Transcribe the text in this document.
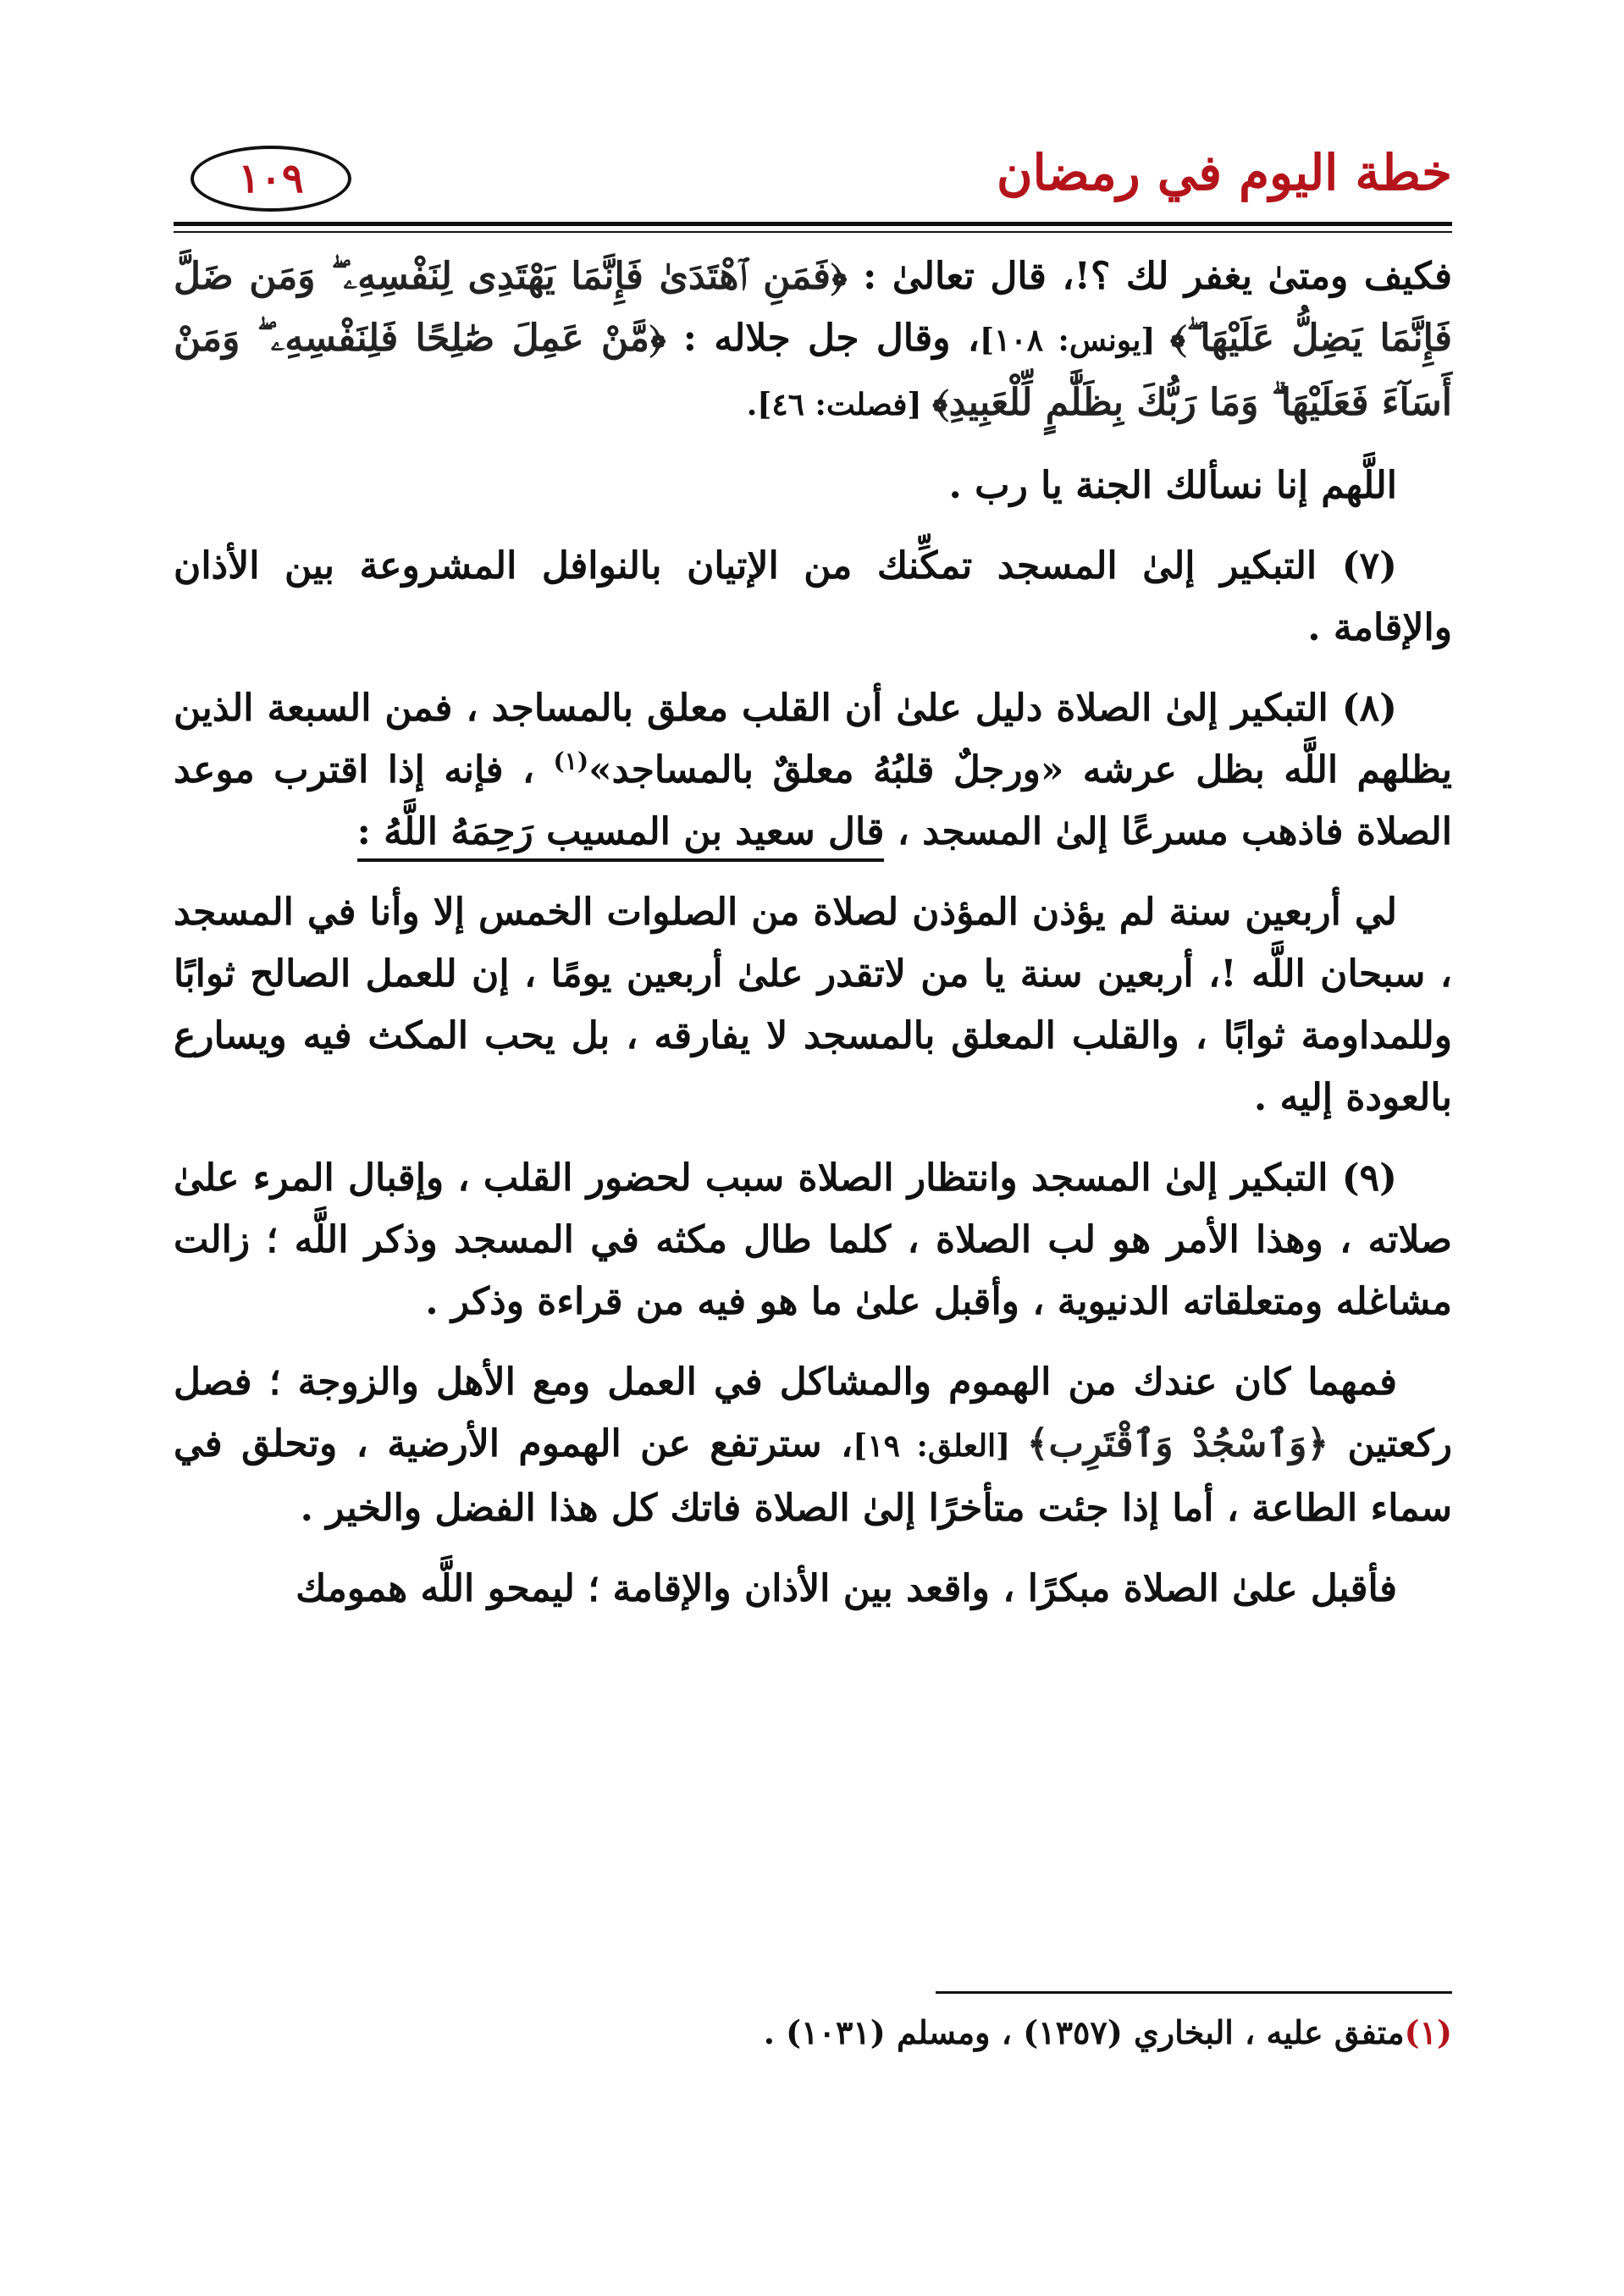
خطة اليوم في رمضان
١٠٩

فكيف ومتىٰ يغفر لك ؟!، قال تعالىٰ : ﴿فَمَنِ ٱهْتَدَىٰ فَإِنَّمَا يَهْتَدِى لِنَفْسِهِۦ ۖ وَمَن ضَلَّ فَإِنَّمَا يَضِلُّ عَلَيْهَا ۖ﴾ [يونس: ١٠٨]، وقال جل جلاله : ﴿مَّنْ عَمِلَ صَٰلِحًا فَلِنَفْسِهِۦ ۖ وَمَنْ أَسَآءَ فَعَلَيْهَا ۗ وَمَا رَبُّكَ بِظَلَّٰمٍ لِّلْعَبِيدِ﴾ [فصلت: ٤٦].

اللَّهم إنا نسألك الجنة يا رب .

(٧) التبكير إلىٰ المسجد تمكِّنك من الإتيان بالنوافل المشروعة بين الأذان والإقامة .

(٨) التبكير إلىٰ الصلاة دليل علىٰ أن القلب معلق بالمساجد ، فمن السبعة الذين يظلهم اللَّه بظل عرشه «ورجلٌ قلبُهُ معلقٌ بالمساجد»$^{(١)}$ ، فإنه إذا اقترب موعد الصلاة فاذهب مسرعًا إلىٰ المسجد ، قال سعيد بن المسيب رَحِمَهُ اللَّهُ :

لي أربعين سنة لم يؤذن المؤذن لصلاة من الصلوات الخمس إلا وأنا في المسجد ، سبحان اللَّه !، أربعين سنة يا من لاتقدر علىٰ أربعين يومًا ، إن للعمل الصالح ثوابًا وللمداومة ثوابًا ، والقلب المعلق بالمسجد لا يفارقه ، بل يحب المكث فيه ويسارع بالعودة إليه .

(٩) التبكير إلىٰ المسجد وانتظار الصلاة سبب لحضور القلب ، وإقبال المرء علىٰ صلاته ، وهذا الأمر هو لب الصلاة ، كلما طال مكثه في المسجد وذكر اللَّه ؛ زالت مشاغله ومتعلقاته الدنيوية ، وأقبل علىٰ ما هو فيه من قراءة وذكر .

فمهما كان عندك من الهموم والمشاكل في العمل ومع الأهل والزوجة ؛ فصل ركعتين ﴿وَٱسْجُدْ وَٱقْتَرِب﴾ [العلق: ١٩]، سترتفع عن الهموم الأرضية ، وتحلق في سماء الطاعة ، أما إذا جئت متأخرًا إلىٰ الصلاة فاتك كل هذا الفضل والخير .

فأقبل علىٰ الصلاة مبكرًا ، واقعد بين الأذان والإقامة ؛ ليمحو اللَّه همومك

(١)متفق عليه ، البخاري (١٣٥٧) ، ومسلم (١٠٣١) .
